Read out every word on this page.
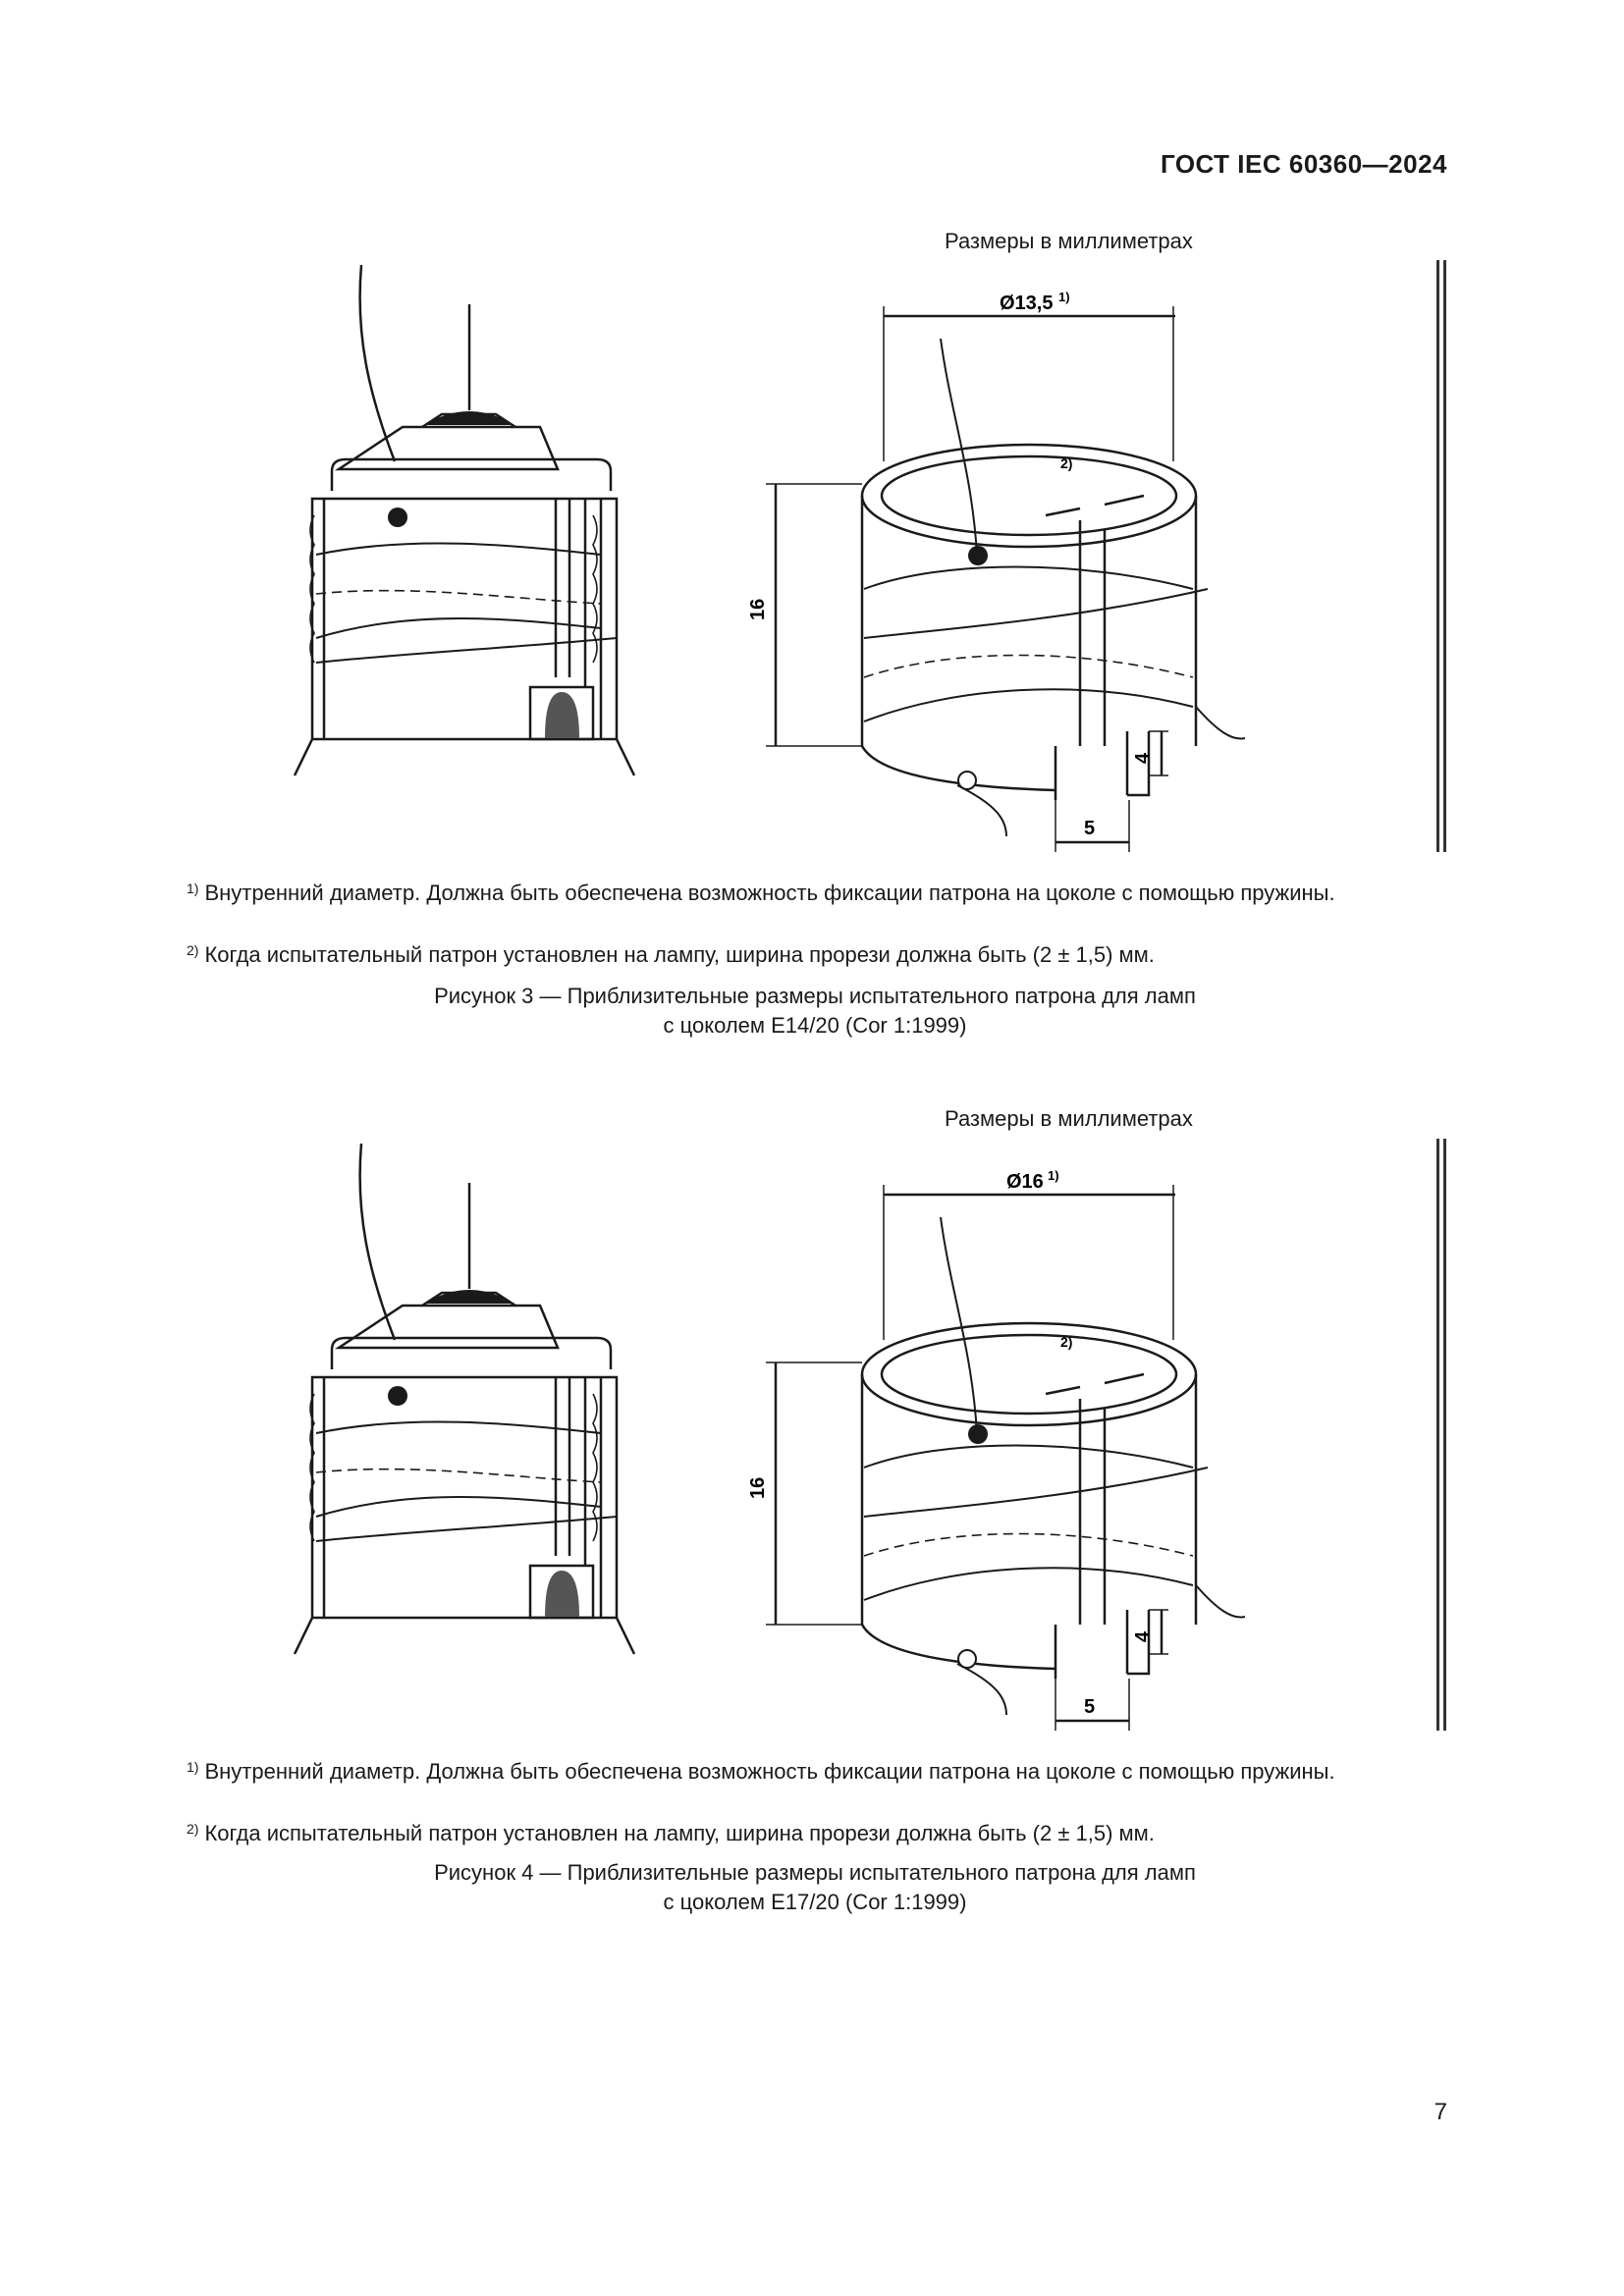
ГОСТ IEC 60360—2024
Размеры в миллиметрах
Ø13,5 1)
2)
16
4
5
$^{1)}$ Внутренний диаметр. Должна быть обеспечена возможность фиксации патрона на цоколе с помощью пружины.
$^{2)}$ Когда испытательный патрон установлен на лампу, ширина прорези должна быть (2 ± 1,5) мм.
Рисунок 3 — Приблизительные размеры испытательного патрона для ламп
с цоколем Е14/20 (Cor 1:1999)
Размеры в миллиметрах
Ø16 1)
2)
16
4
5
$^{1)}$ Внутренний диаметр. Должна быть обеспечена возможность фиксации патрона на цоколе с помощью пружины.
$^{2)}$ Когда испытательный патрон установлен на лампу, ширина прорези должна быть (2 ± 1,5) мм.
Рисунок 4 — Приблизительные размеры испытательного патрона для ламп
с цоколем Е17/20 (Cor 1:1999)
7
